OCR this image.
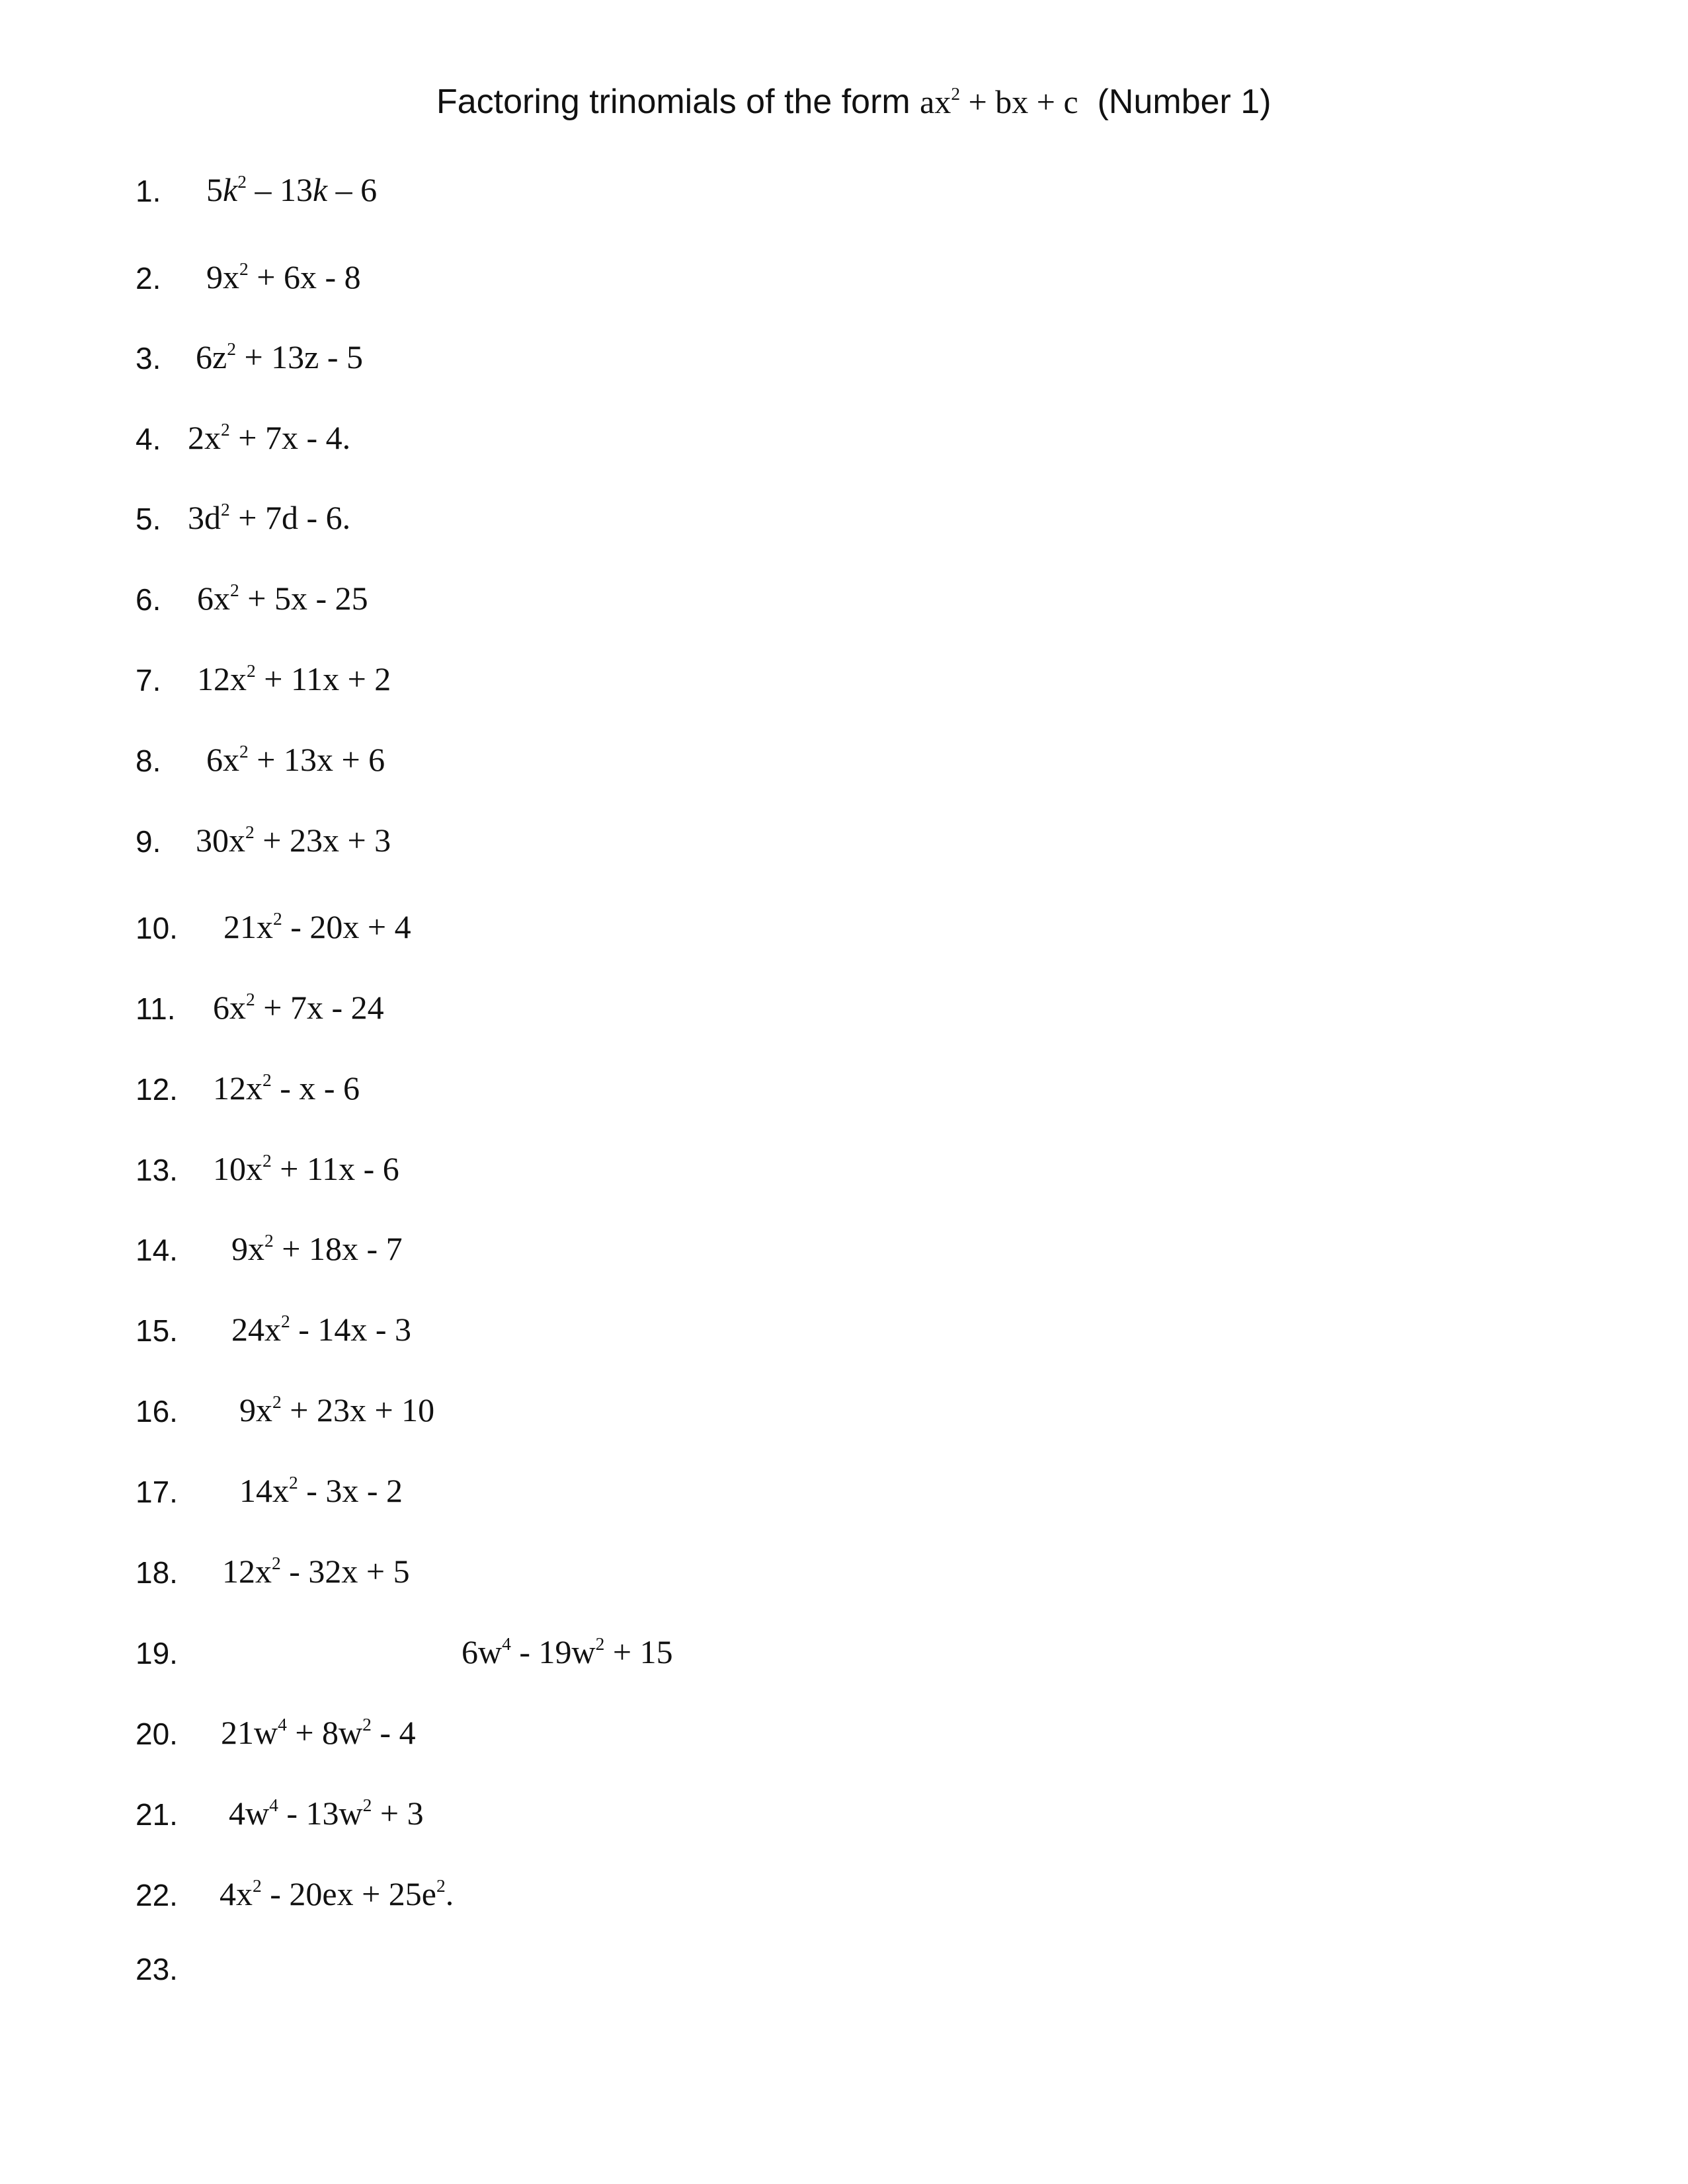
Factoring trinomials of the form $ax^2$ + bx + c (Number 1)
1. $5k^2 - 13k - 6$
2. $9x^2 + 6x - 8$
3. $6z^2 + 13z - 5$
4. $2x^2 + 7x - 4$.
5. $3d^2 + 7d - 6$.
6. $6x^2 + 5x - 25$
7. $12x^2 + 11x + 2$
8. $6x^2 + 13x + 6$
9. $30x^2 + 23x + 3$
10. $21x^2 - 20x + 4$
11. $6x^2 + 7x - 24$
12. $12x^2$ - x - 6
13. $10x^2 + 11x - 6$
14. $9x^2 + 18x - 7$
15. $24x^2 - 14x - 3$
16. $9x^2 + 23x + 10$
17. $14x^2 - 3x - 2$
18. $12x^2 - 32x + 5$
19.	$6w^4 - 19w^2 + 15$
20. $21w^4 + 8w^2 - 4$
21. $4w^4 - 13w^2 + 3$
22. $4x^2 - 20ex + 25e^2$.
23.
